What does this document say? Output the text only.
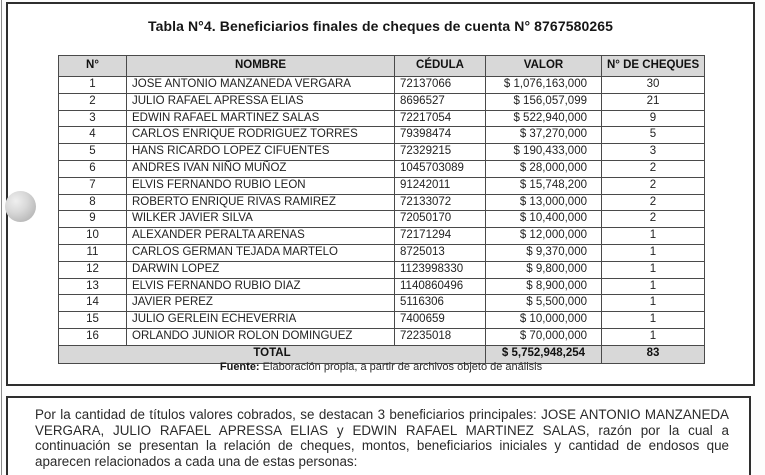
Tabla N°4. Beneficiarios finales de cheques de cuenta N° 8767580265
N°	NOMBRE	CÉDULA	VALOR	N° DE CHEQUES
1	JOSE ANTONIO MANZANEDA VERGARA	72137066	$ 1,076,163,000	30
2	JULIO RAFAEL APRESSA ELIAS	8696527	$ 156,057,099	21
3	EDWIN RAFAEL MARTINEZ SALAS	72217054	$ 522,940,000	9
4	CARLOS ENRIQUE RODRIGUEZ TORRES	79398474	$ 37,270,000	5
5	HANS RICARDO LOPEZ CIFUENTES	72329215	$ 190,433,000	3
6	ANDRES IVAN NIÑO MUÑOZ	1045703089	$ 28,000,000	2
7	ELVIS FERNANDO RUBIO LEON	91242011	$ 15,748,200	2
8	ROBERTO ENRIQUE RIVAS RAMIREZ	72133072	$ 13,000,000	2
9	WILKER JAVIER SILVA	72050170	$ 10,400,000	2
10	ALEXANDER PERALTA ARENAS	72171294	$ 12,000,000	1
11	CARLOS GERMAN TEJADA MARTELO	8725013	$ 9,370,000	1
12	DARWIN LOPEZ	1123998330	$ 9,800,000	1
13	ELVIS FERNANDO RUBIO DIAZ	1140860496	$ 8,900,000	1
14	JAVIER PEREZ	5116306	$ 5,500,000	1
15	JULIO GERLEIN ECHEVERRIA	7400659	$ 10,000,000	1
16	ORLANDO JUNIOR ROLON DOMINGUEZ	72235018	$ 70,000,000	1
TOTAL			$ 5,752,948,254	83

Fuente: Elaboración propia, a partir de archivos objeto de análisis

Por la cantidad de títulos valores cobrados, se destacan 3 beneficiarios principales: JOSE ANTONIO MANZANEDA VERGARA, JULIO RAFAEL APRESSA ELIAS y EDWIN RAFAEL MARTINEZ SALAS, razón por la cual a continuación se presentan la relación de cheques, montos, beneficiarios iniciales y cantidad de endosos que aparecen relacionados a cada una de estas personas:
